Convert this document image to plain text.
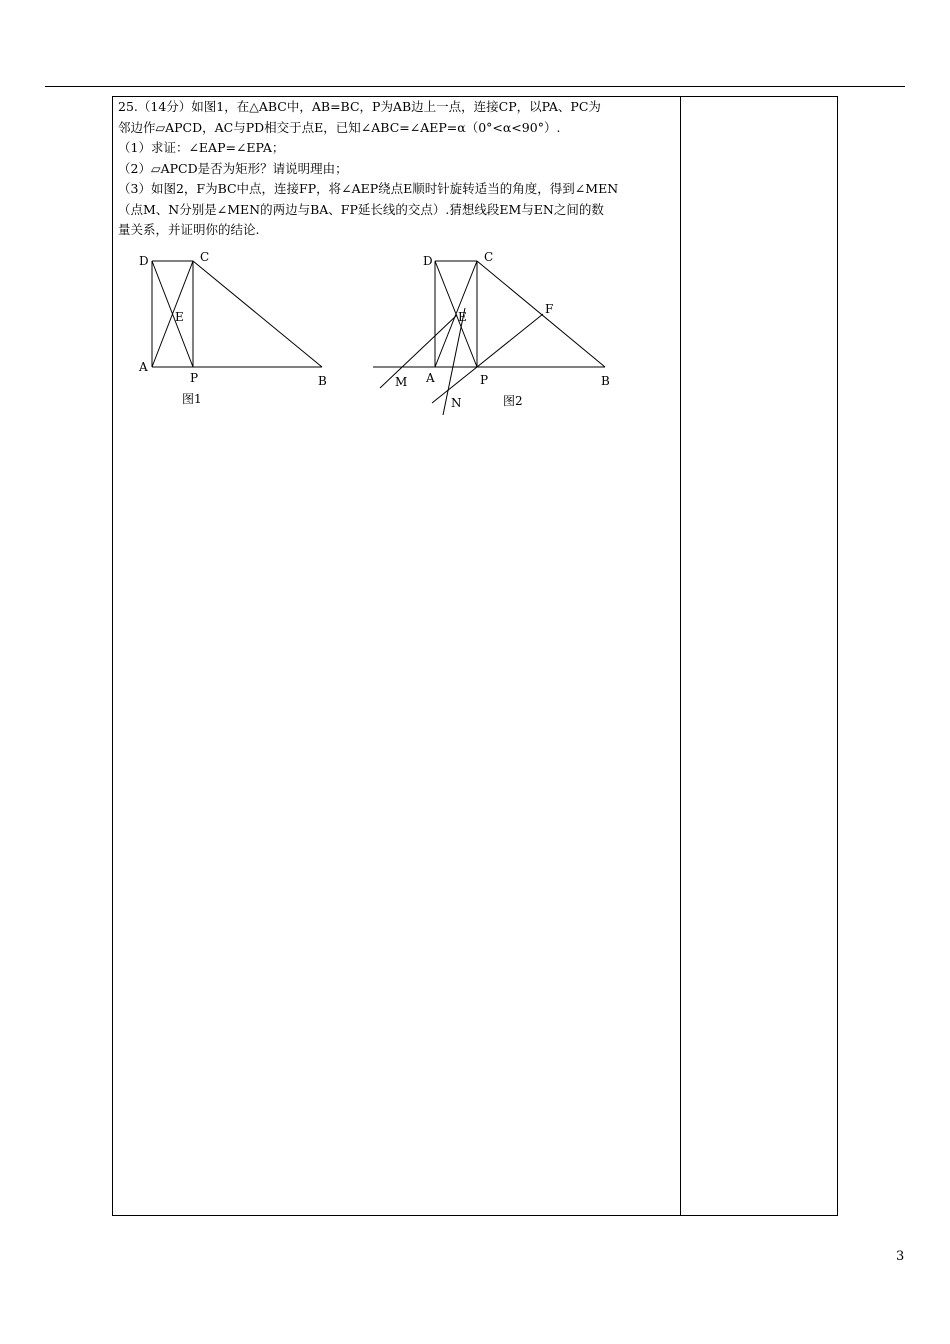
25.（14分）如图1，在△ABC中，AB=BC，P为AB边上一点，连接CP，以PA、PC为

邻边作▱APCD，AC与PD相交于点E，已知∠ABC=∠AEP=α（0°<α<90°）.

（1）求证：∠EAP=∠EPA；

（2）▱APCD是否为矩形？请说明理由；

（3）如图2，F为BC中点，连接FP，将∠AEP绕点E顺时针旋转适当的角度，得到∠MEN

（点M、N分别是∠MEN的两边与BA、FP延长线的交点）.猜想线段EM与EN之间的数

量关系，并证明你的结论.

D	C
E
A
P	B
图1
D	C
E
F
M A	P	B
N	图2
3
